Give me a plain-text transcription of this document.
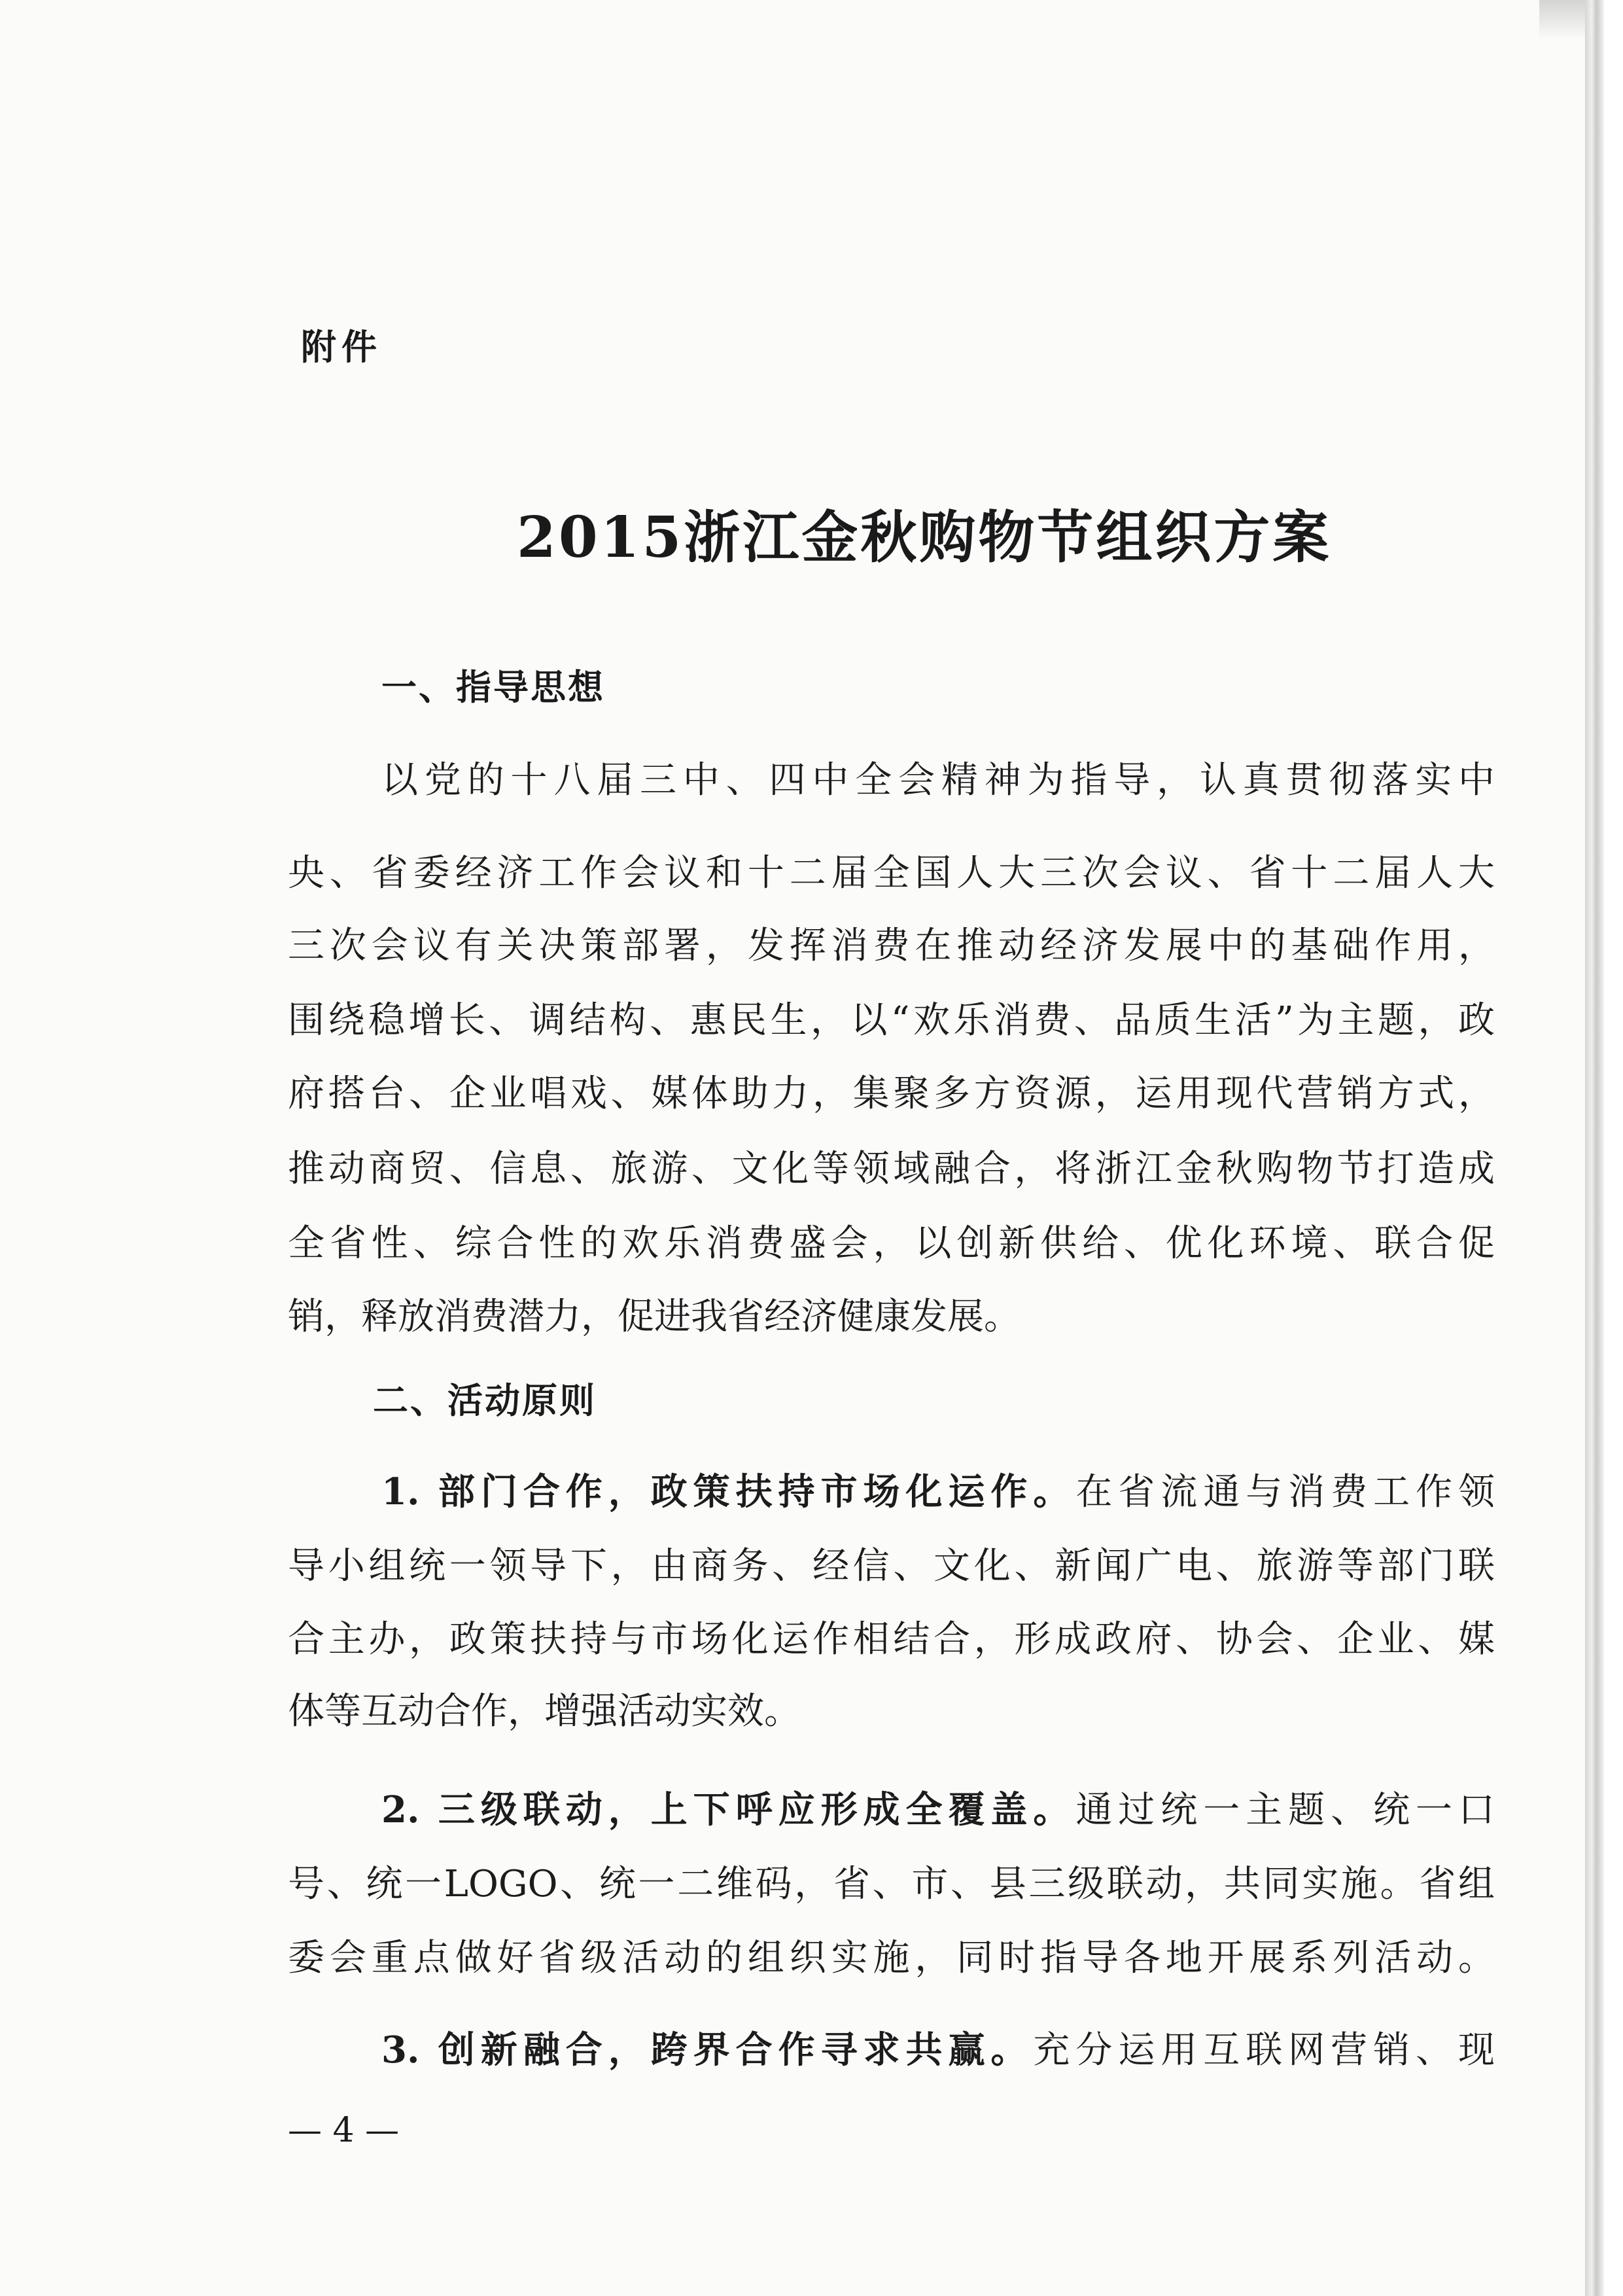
附件
2015浙江金秋购物节组织方案
一、指导思想
以党的十八届三中、四中全会精神为指导，认真贯彻落实中
央、省委经济工作会议和十二届全国人大三次会议、省十二届人大
三次会议有关决策部署，发挥消费在推动经济发展中的基础作用，
围绕稳增长、调结构、惠民生，以“欢乐消费、品质生活”为主题，政
府搭台、企业唱戏、媒体助力，集聚多方资源，运用现代营销方式，
推动商贸、信息、旅游、文化等领域融合，将浙江金秋购物节打造成
全省性、综合性的欢乐消费盛会，以创新供给、优化环境、联合促
销，释放消费潜力，促进我省经济健康发展。
二、活动原则
1. 部门合作，政策扶持市场化运作。在省流通与消费工作领
导小组统一领导下，由商务、经信、文化、新闻广电、旅游等部门联
合主办，政策扶持与市场化运作相结合，形成政府、协会、企业、媒
体等互动合作，增强活动实效。
2. 三级联动，上下呼应形成全覆盖。通过统一主题、统一口
号、统一LOGO、统一二维码，省、市、县三级联动，共同实施。省组
委会重点做好省级活动的组织实施，同时指导各地开展系列活动。
3. 创新融合，跨界合作寻求共赢。充分运用互联网营销、现
— 4 —
